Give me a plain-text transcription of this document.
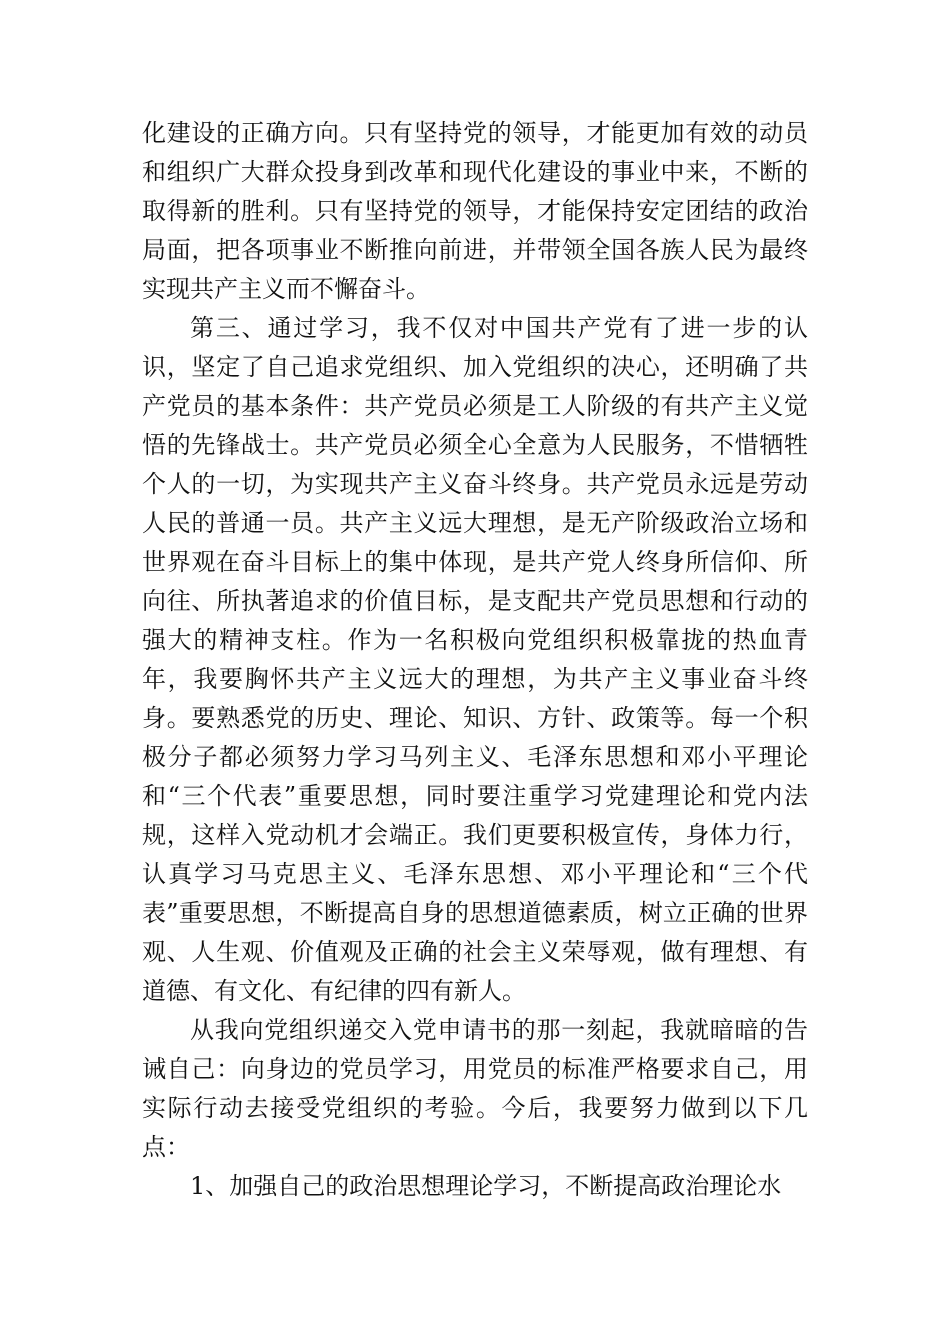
化建设的正确方向。只有坚持党的领导，才能更加有效的动员和组织广大群众投身到改革和现代化建设的事业中来，不断的取得新的胜利。只有坚持党的领导，才能保持安定团结的政治局面，把各项事业不断推向前进，并带领全国各族人民为最终实现共产主义而不懈奋斗。

第三、通过学习，我不仅对中国共产党有了进一步的认识，坚定了自己追求党组织、加入党组织的决心，还明确了共产党员的基本条件：共产党员必须是工人阶级的有共产主义觉悟的先锋战士。共产党员必须全心全意为人民服务，不惜牺牲个人的一切，为实现共产主义奋斗终身。共产党员永远是劳动人民的普通一员。共产主义远大理想，是无产阶级政治立场和世界观在奋斗目标上的集中体现，是共产党人终身所信仰、所向往、所执著追求的价值目标，是支配共产党员思想和行动的强大的精神支柱。作为一名积极向党组织积极靠拢的热血青年，我要胸怀共产主义远大的理想，为共产主义事业奋斗终身。要熟悉党的历史、理论、知识、方针、政策等。每一个积极分子都必须努力学习马列主义、毛泽东思想和邓小平理论和“三个代表”重要思想，同时要注重学习党建理论和党内法规，这样入党动机才会端正。我们更要积极宣传，身体力行，认真学习马克思主义、毛泽东思想、邓小平理论和“三个代表”重要思想，不断提高自身的思想道德素质，树立正确的世界观、人生观、价值观及正确的社会主义荣辱观，做有理想、有道德、有文化、有纪律的四有新人。

从我向党组织递交入党申请书的那一刻起，我就暗暗的告诫自己：向身边的党员学习，用党员的标准严格要求自己，用实际行动去接受党组织的考验。今后，我要努力做到以下几点：

1、加强自己的政治思想理论学习，不断提高政治理论水
